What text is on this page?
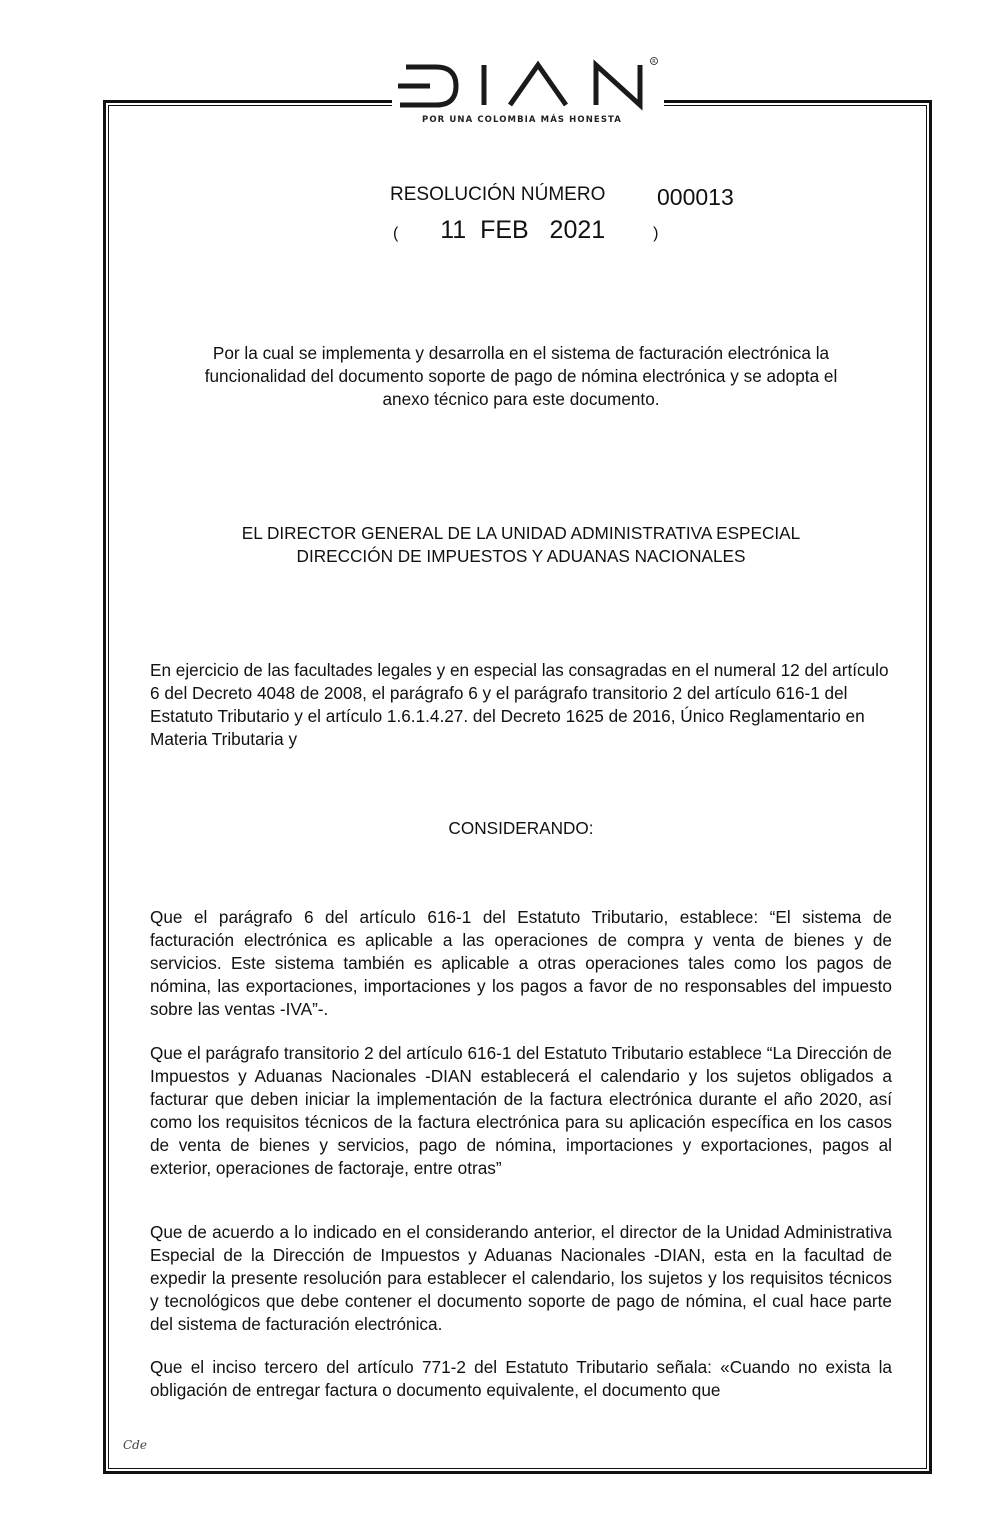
R
POR UNA COLOMBIA MÁS HONESTA
RESOLUCIÓN NÚMERO 000013
( 11  FEB   2021	)
Por la cual se implementa y desarrolla en el sistema de facturación electrónica la
funcionalidad del documento soporte de pago de nómina electrónica y se adopta el
anexo técnico para este documento.
EL DIRECTOR GENERAL DE LA UNIDAD ADMINISTRATIVA ESPECIAL
DIRECCIÓN DE IMPUESTOS Y ADUANAS NACIONALES
En ejercicio de las facultades legales y en especial las consagradas en el numeral 12 del artículo 6 del Decreto 4048 de 2008, el parágrafo 6 y el parágrafo transitorio 2 del artículo 616-1 del Estatuto Tributario y el artículo 1.6.1.4.27. del Decreto 1625 de 2016, Único Reglamentario en Materia Tributaria y
CONSIDERANDO:
Que el parágrafo 6 del artículo 616-1 del Estatuto Tributario, establece: “El sistema de facturación electrónica es aplicable a las operaciones de compra y venta de bienes y de servicios. Este sistema también es aplicable a otras operaciones tales como los pagos de nómina, las exportaciones, importaciones y los pagos a favor de no responsables del impuesto sobre las ventas -IVA”-.
Que el parágrafo transitorio 2 del artículo 616-1 del Estatuto Tributario establece “La Dirección de Impuestos y Aduanas Nacionales -DIAN establecerá el calendario y los sujetos obligados a facturar que deben iniciar la implementación de la factura electrónica durante el año 2020, así como los requisitos técnicos de la factura electrónica para su aplicación específica en los casos de venta de bienes y servicios, pago de nómina, importaciones y exportaciones, pagos al exterior, operaciones de factoraje, entre otras”
Que de acuerdo a lo indicado en el considerando anterior, el director de la Unidad Administrativa Especial de la Dirección de Impuestos y Aduanas Nacionales -DIAN, esta en la facultad de expedir la presente resolución para establecer el calendario, los sujetos y los requisitos técnicos y tecnológicos que debe contener el documento soporte de pago de nómina, el cual hace parte del sistema de facturación electrónica.
Que el inciso tercero del artículo 771-2 del Estatuto Tributario señala: «Cuando no exista la obligación de entregar factura o documento equivalente, el documento que
Cde
